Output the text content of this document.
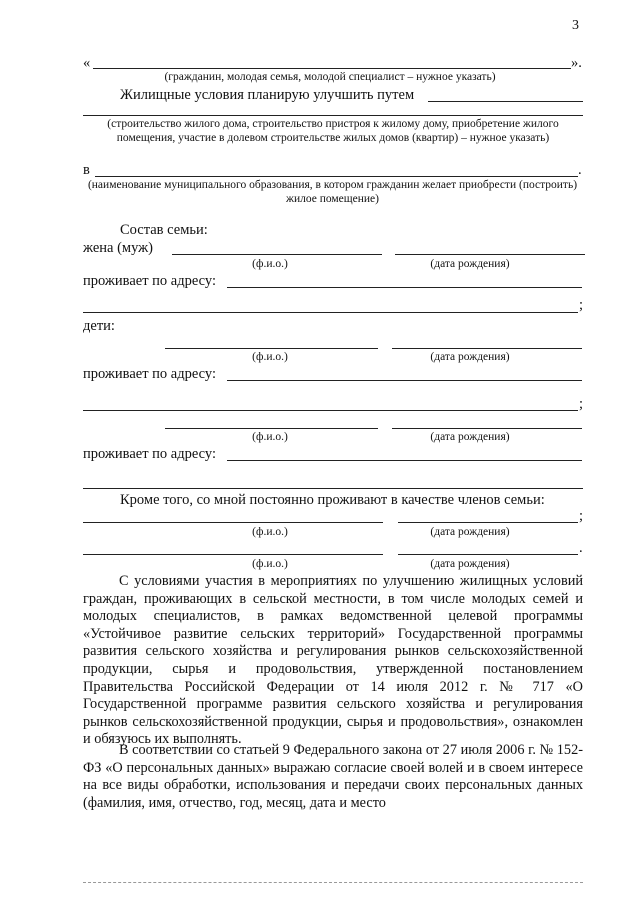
3
«	».
(гражданин, молодая семья, молодой специалист – нужное указать)
Жилищные условия планирую улучшить путем
(строительство жилого дома, строительство пристроя к жилому дому, приобретение жилого помещения, участие в долевом строительстве жилых домов (квартир) – нужное указать)
в	.
(наименование муниципального образования, в котором гражданин желает приобрести (построить) жилое помещение)
Состав семьи:
жена (муж)
(ф.и.о.)	(дата рождения)
проживает по адресу:
;
дети:
(ф.и.о.)	(дата рождения)
проживает по адресу:
;
(ф.и.о.)	(дата рождения)
проживает по адресу:
Кроме того, со мной постоянно проживают в качестве членов семьи:
;
(ф.и.о.)	(дата рождения)
.
(ф.и.о.)	(дата рождения)
С условиями участия в мероприятиях по улучшению жилищных условий граждан, проживающих в сельской местности, в том числе молодых семей и молодых специалистов, в рамках ведомственной целевой программы «Устойчивое развитие сельских территорий» Государственной программы развития сельского хозяйства и регулирования рынков сельскохозяйственной продукции, сырья и продовольствия, утвержденной постановлением Правительства Российской Федерации от 14 июля 2012 г. № 717 «О Государственной программе развития сельского хозяйства и регулирования рынков сельскохозяйственной продукции, сырья и продовольствия», ознакомлен и обязуюсь их выполнять.
В соответствии со статьей 9 Федерального закона от 27 июля 2006 г. № 152-ФЗ «О персональных данных» выражаю согласие своей волей и в своем интересе на все виды обработки, использования и передачи своих персональных данных (фамилия, имя, отчество, год, месяц, дата и место
